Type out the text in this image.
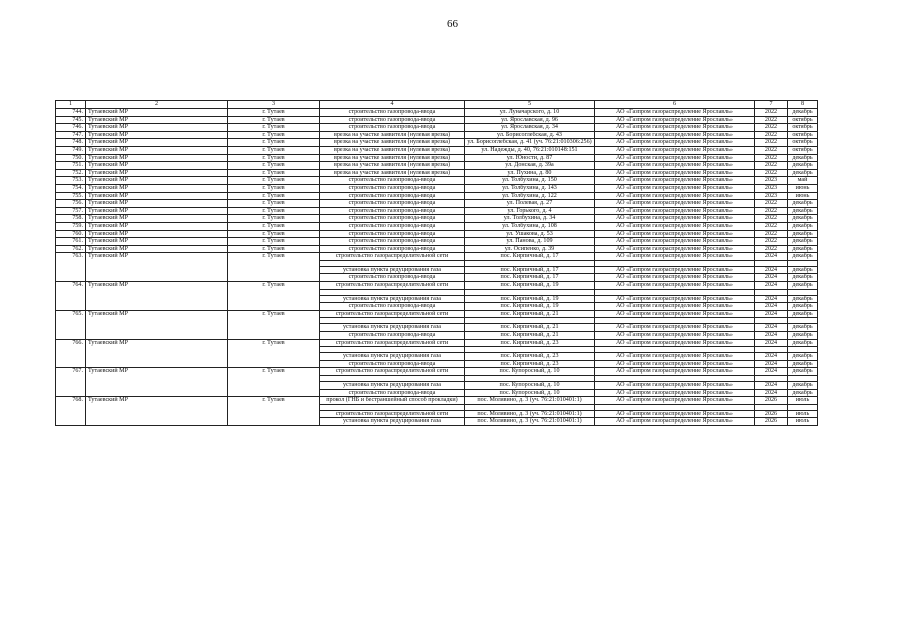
66
1	2	3	4	5	6	7	8
744.	Тутаевский МР	г. Тутаев	строительство газопровода-ввода	ул. Луначарского, д. 10	АО «Газпром газораспределение Ярославль»	2022	декабрь
745.	Тутаевский МР	г. Тутаев	строительство газопровода-ввода	ул. Ярославская, д. 96	АО «Газпром газораспределение Ярославль»	2022	октябрь
746.	Тутаевский МР	г. Тутаев	строительство газопровода-ввода	ул. Ярославская, д. 34	АО «Газпром газораспределение Ярославль»	2022	октябрь
747.	Тутаевский МР	г. Тутаев	врезка на участке заявителя (нулевая врезка)	ул. Борисоглебская, д. 43	АО «Газпром газораспределение Ярославль»	2022	октябрь
748.	Тутаевский МР	г. Тутаев	врезка на участке заявителя (нулевая врезка)	ул. Борисоглебская, д. 41 (уч. 76:21:010306:256)	АО «Газпром газораспределение Ярославль»	2022	октябрь
749.	Тутаевский МР	г. Тутаев	врезка на участке заявителя (нулевая врезка)	ул. Надежды, д. 40, 76:21:010148:151	АО «Газпром газораспределение Ярославль»	2022	октябрь
750.	Тутаевский МР	г. Тутаев	врезка на участке заявителя (нулевая врезка)	ул. Юности, д. 87	АО «Газпром газораспределение Ярославль»	2022	декабрь
751.	Тутаевский МР	г. Тутаев	врезка на участке заявителя (нулевая врезка)	ул. Донская, д. 39а	АО «Газпром газораспределение Ярославль»	2022	декабрь
752.	Тутаевский МР	г. Тутаев	врезка на участке заявителя (нулевая врезка)	ул. Пухина, д. 80	АО «Газпром газораспределение Ярославль»	2022	декабрь
753.	Тутаевский МР	г. Тутаев	строительство газопровода-ввода	ул. Толбухина, д. 150	АО «Газпром газораспределение Ярославль»	2023	май
754.	Тутаевский МР	г. Тутаев	строительство газопровода-ввода	ул. Толбухина, д. 143	АО «Газпром газораспределение Ярославль»	2023	июнь
755.	Тутаевский МР	г. Тутаев	строительство газопровода-ввода	ул. Толбухина, д. 122	АО «Газпром газораспределение Ярославль»	2023	июнь
756.	Тутаевский МР	г. Тутаев	строительство газопровода-ввода	ул. Полевая, д. 27	АО «Газпром газораспределение Ярославль»	2022	декабрь
757.	Тутаевский МР	г. Тутаев	строительство газопровода-ввода	ул. Горького, д. 4	АО «Газпром газораспределение Ярославль»	2022	декабрь
758.	Тутаевский МР	г. Тутаев	строительство газопровода-ввода	ул. Толбухина, д. 34	АО «Газпром газораспределение Ярославль»	2022	декабрь
759.	Тутаевский МР	г. Тутаев	строительство газопровода-ввода	ул. Толбухина, д. 108	АО «Газпром газораспределение Ярославль»	2022	декабрь
760.	Тутаевский МР	г. Тутаев	строительство газопровода-ввода	ул. Ушакова, д. 53	АО «Газпром газораспределение Ярославль»	2022	декабрь
761.	Тутаевский МР	г. Тутаев	строительство газопровода-ввода	ул. Панова, д. 109	АО «Газпром газораспределение Ярославль»	2022	декабрь
762.	Тутаевский МР	г. Тутаев	строительство газопровода-ввода	ул. Осипенко, д. 39	АО «Газпром газораспределение Ярославль»	2022	декабрь
763.	Тутаевский МР	г. Тутаев	строительство газораспределительной сети	пос. Кирпичный, д. 17	АО «Газпром газораспределение Ярославль»	2024	декабрь

			установка пункта редуцирования газа	пос. Кирпичный, д. 17	АО «Газпром газораспределение Ярославль»	2024	декабрь
			строительство газопровода-ввода	пос. Кирпичный, д. 17	АО «Газпром газораспределение Ярославль»	2024	декабрь
764.	Тутаевский МР	г. Тутаев	строительство газораспределительной сети	пос. Кирпичный, д. 19	АО «Газпром газораспределение Ярославль»	2024	декабрь

			установка пункта редуцирования газа	пос. Кирпичный, д. 19	АО «Газпром газораспределение Ярославль»	2024	декабрь
			строительство газопровода-ввода	пос. Кирпичный, д. 19	АО «Газпром газораспределение Ярославль»	2024	декабрь
765.	Тутаевский МР	г. Тутаев	строительство газораспределительной сети	пос. Кирпичный, д. 21	АО «Газпром газораспределение Ярославль»	2024	декабрь

			установка пункта редуцирования газа	пос. Кирпичный, д. 21	АО «Газпром газораспределение Ярославль»	2024	декабрь
			строительство газопровода-ввода	пос. Кирпичный, д. 21	АО «Газпром газораспределение Ярославль»	2024	декабрь
766.	Тутаевский МР	г. Тутаев	строительство газораспределительной сети	пос. Кирпичный, д. 23	АО «Газпром газораспределение Ярославль»	2024	декабрь

			установка пункта редуцирования газа	пос. Кирпичный, д. 23	АО «Газпром газораспределение Ярославль»	2024	декабрь
			строительство газопровода-ввода	пос. Кирпичный, д. 23	АО «Газпром газораспределение Ярославль»	2024	декабрь
767.	Тутаевский МР	г. Тутаев	строительство газораспределительной сети	пос. Купоросный, д. 10	АО «Газпром газораспределение Ярославль»	2024	декабрь

			установка пункта редуцирования газа	пос. Купоросный, д. 10	АО «Газпром газораспределение Ярославль»	2024	декабрь
			строительство газопровода-ввода	пос. Купоросный, д. 10	АО «Газпром газораспределение Ярославль»	2024	декабрь
768.	Тутаевский МР	г. Тутаев	прокол (ГНБ и бестраншейный способ прокладки)	пос. Молявино, д. 3 (уч. 76:21:010401:1)	АО «Газпром газораспределение Ярославль»	2026	июль

			строительство газораспределительной сети	пос. Молявино, д. 3 (уч. 76:21:010401:1)	АО «Газпром газораспределение Ярославль»	2026	июль
			установка пункта редуцирования газа	пос. Молявино, д. 3 (уч. 76:21:010401:1)	АО «Газпром газораспределение Ярославль»	2026	июль
